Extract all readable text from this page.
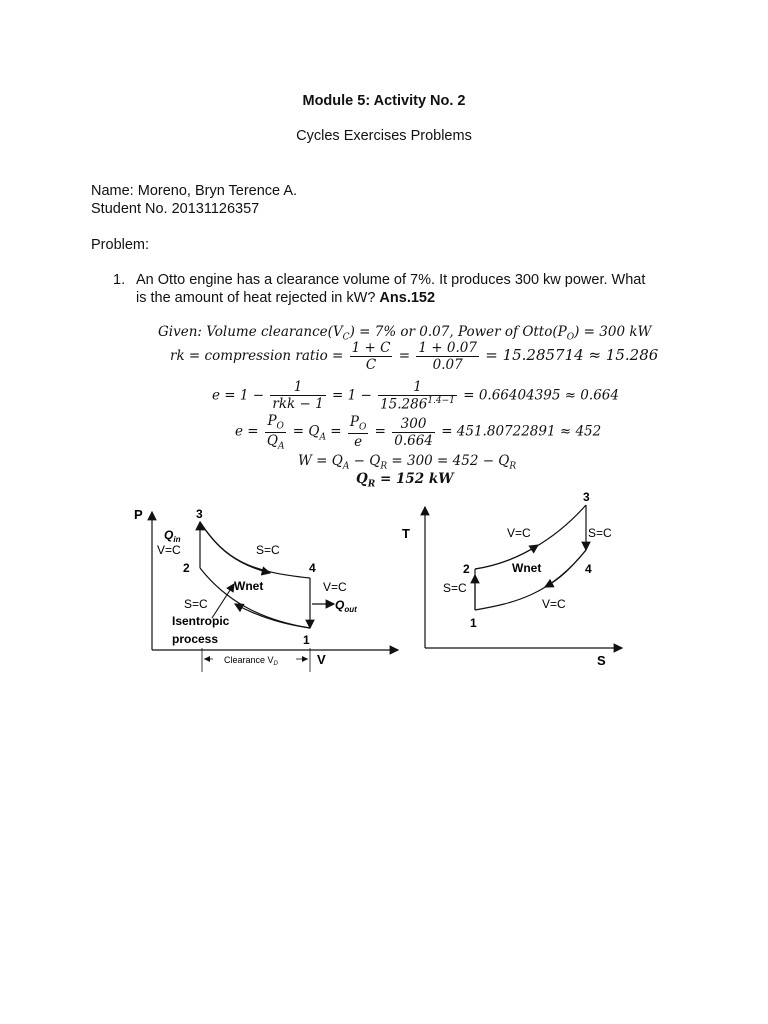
Module 5: Activity No. 2
Cycles Exercises Problems
Name: Moreno, Bryn Terence A.
Student No. 20131126357
Problem:
1. An Otto engine has a clearance volume of 7%. It produces 300 kw power. What
is the amount of heat rejected in kW? Ans.152
Given: Volume $clearance(V_C) = 7\%$ or 0.07, Power of $Otto(P_O) = 300$ kW
rk = compression ratio = $\frac{1 + C}{C} = \frac{1 + 0.07}{0.07} = 15.285714 \approx 15.286$
$e = 1 - \frac{1}{\text{rkk − 1}} = 1 - \frac{1}{15.286^{1.4-1}} = 0.66404395 \approx 0.664$
$e = \frac{P_O}{Q_A} = Q_A = \frac{P_O}{e} = \frac{300}{0.664} = 451.80722891 \approx 452$
$W = Q_A - Q_R = 300 = 452 - Q_R$
$Q_R = 152$ kW
P
V
3
2	4
1
$Q_{in}$
V=C	S=C
Wnet	V=C
$Q_{out}$
S=C
Isentropic
process
Clearance $V_D$
T
S
3
2	4
1
V=C	S=C
S=C
Wnet
V=C
